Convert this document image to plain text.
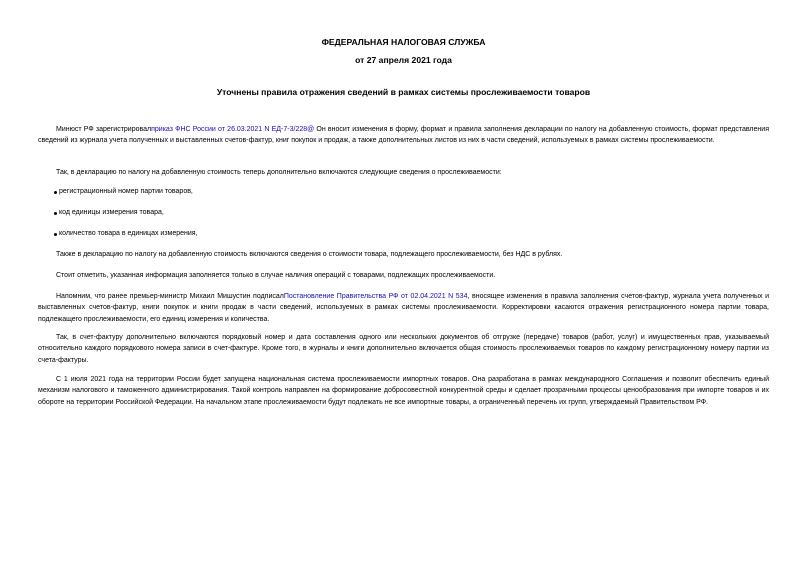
ФЕДЕРАЛЬНАЯ НАЛОГОВАЯ СЛУЖБА

от 27 апреля 2021 года

Уточнены правила отражения сведений в рамках системы прослеживаемости товаров

Минюст РФ зарегистрировалприказ ФНС России от 26.03.2021 N ЕД-7-3/228@ Он вносит изменения в форму, формат и правила заполнения декларации по налогу на добавленную стоимость, формат представления сведений из журнала учета полученных и выставленных счетов-фактур, книг покупок и продаж, а также дополнительных листов из них в части сведений, используемых в рамках системы прослеживаемости.

Так, в декларацию по налогу на добавленную стоимость теперь дополнительно включаются следующие сведения о прослеживаемости:

регистрационный номер партии товаров,

код единицы измерения товара,

количество товара в единицах измерения,

Также в декларацию по налогу на добавленную стоимость включаются сведения о стоимости товара, подлежащего прослеживаемости, без НДС в рублях.

Стоит отметить, указанная информация заполняется только в случае наличия операций с товарами, подлежащих прослеживаемости.

Напомним, что ранее премьер-министр Михаил Мишустин подписалПостановление Правительства РФ от 02.04.2021 N 534, вносящее изменения в правила заполнения счетов-фактур, журнала учета полученных и выставленных счетов-фактур, книги покупок и книги продаж в части сведений, используемых в рамках системы прослеживаемости. Корректировки касаются отражения регистрационного номера партии товара, подлежащего прослеживаемости, его единиц измерения и количества.

Так, в счет-фактуру дополнительно включаются порядковый номер и дата составления одного или нескольких документов об отгрузке (передаче) товаров (работ, услуг) и имущественных прав, указываемый относительно каждого порядкового номера записи в счет-фактуре. Кроме того, в журналы и книги дополнительно включается общая стоимость прослеживаемых товаров по каждому регистрационному номеру партии из счета-фактуры.

С 1 июля 2021 года на территории России будет запущена национальная система прослеживаемости импортных товаров. Она разработана в рамках международного Соглашения и позволит обеспечить единый механизм налогового и таможенного администрирования. Такой контроль направлен на формирование добросовестной конкурентной среды и сделает прозрачными процессы ценообразования при импорте товаров и их обороте на территории Российской Федерации. На начальном этапе прослеживаемости будут подлежать не все импортные товары, а ограниченный перечень их групп, утверждаемый Правительством РФ.
